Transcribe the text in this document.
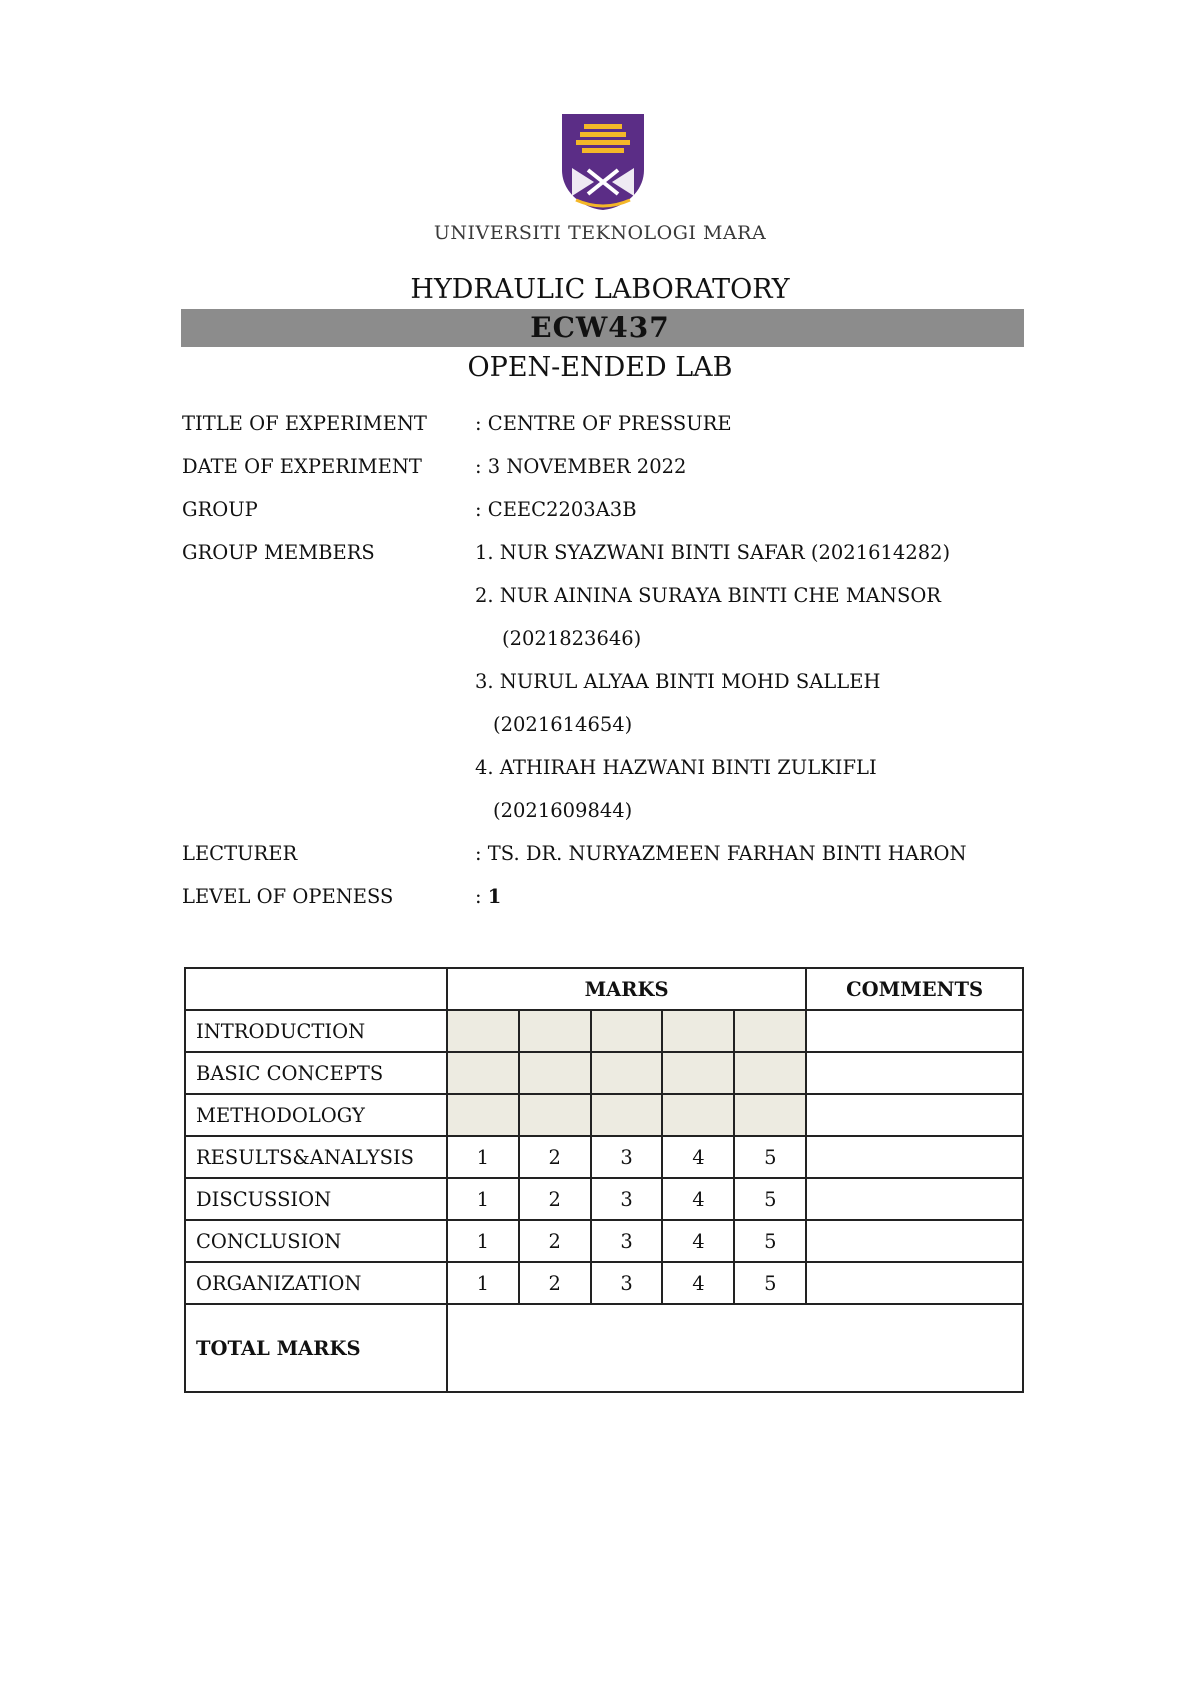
UNIVERSITI TEKNOLOGI MARA
HYDRAULIC LABORATORY
ECW437
OPEN-ENDED LAB
TITLE OF EXPERIMENT : CENTRE OF PRESSURE
DATE OF EXPERIMENT	: 3 NOVEMBER 2022
GROUP	: CEEC2203A3B
GROUP MEMBERS	1. NUR SYAZWANI BINTI SAFAR (2021614282)
2. NUR AININA SURAYA BINTI CHE MANSOR
(2021823646)
3. NURUL ALYAA BINTI MOHD SALLEH
(2021614654)
4. ATHIRAH HAZWANI BINTI ZULKIFLI
(2021609844)
LECTURER	: TS. DR. NURYAZMEEN FARHAN BINTI HARON
LEVEL OF OPENESS	: 1
	MARKS					COMMENTS
INTRODUCTION						
BASIC CONCEPTS						
METHODOLOGY						
RESULTS&ANALYSIS	1	2	3	4	5	
DISCUSSION	1	2	3	4	5	
CONCLUSION	1	2	3	4	5	
ORGANIZATION	1	2	3	4	5	
TOTAL MARKS						
